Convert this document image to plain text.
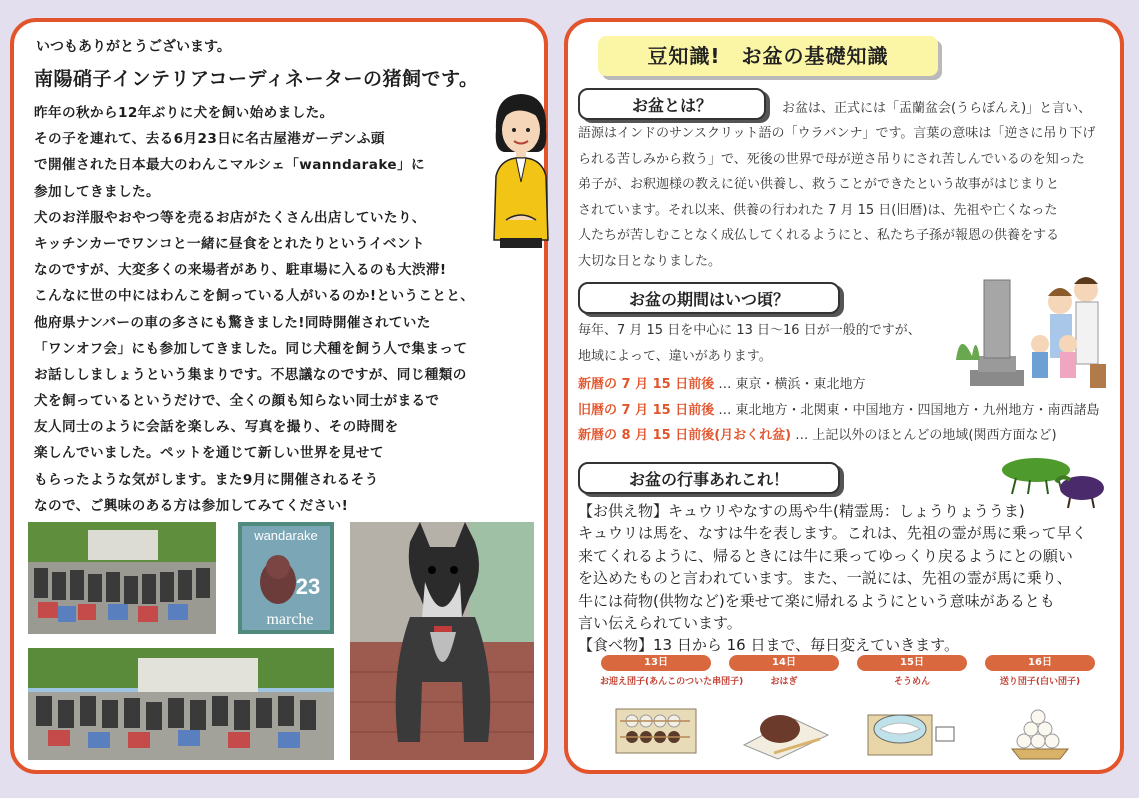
いつもありがとうございます。
南陽硝子インテリアコーディネーターの猪飼です。
昨年の秋から12年ぶりに犬を飼い始めました。
その子を連れて、去る6月23日に名古屋港ガーデンふ頭
で開催された日本最大のわんこマルシェ「wanndarake」に
参加してきました。
犬のお洋服やおやつ等を売るお店がたくさん出店していたり、
キッチンカーでワンコと一緒に昼食をとれたりというイベント
なのですが、大変多くの来場者があり、駐車場に入るのも大渋滞!
こんなに世の中にはわんこを飼っている人がいるのか!ということと、
他府県ナンバーの車の多さにも驚きました!同時開催されていた
「ワンオフ会」にも参加してきました。同じ犬種を飼う人で集まって
お話ししましょうという集まりです。不思議なのですが、同じ種類の
犬を飼っているというだけで、全くの顔も知らない同士がまるで
友人同士のように会話を楽しみ、写真を撮り、その時間を
楽しんでいました。ペットを通じて新しい世界を見せて
もらったような気がします。また9月に開催されるそう
なので、ご興味のある方は参加してみてください!
wandarake
23
marche
豆知識!　お盆の基礎知識
お盆とは？	お盆は、正式には「盂蘭盆会(うらぼんえ)」と言い、
語源はインドのサンスクリット語の「ウラバンナ」です。言葉の意味は「逆さに吊り下げ
られる苦しみから救う」で、死後の世界で母が逆さ吊りにされ苦しんでいるのを知った
弟子が、お釈迦様の教えに従い供養し、救うことができたという故事がはじまりと
されています。それ以来、供養の行われた 7 月 15 日(旧暦)は、先祖や亡くなった
人たちが苦しむことなく成仏してくれるようにと、私たち子孫が報恩の供養をする
大切な日となりました。
お盆の期間はいつ頃？
毎年、7 月 15 日を中心に 13 日～16 日が一般的ですが、
地域によって、違いがあります。
新暦の 7 月 15 日前後 … 東京・横浜・東北地方
旧暦の 7 月 15 日前後 … 東北地方・北関東・中国地方・四国地方・九州地方・南西諸島
新暦の 8 月 15 日前後(月おくれ盆) … 上記以外のほとんどの地域(関西方面など)
お盆の行事あれこれ！
【お供え物】キュウリやなすの馬や牛(精霊馬：しょうりょううま)
キュウリは馬を、なすは牛を表します。これは、先祖の霊が馬に乗って早く
来てくれるように、帰るときには牛に乗ってゆっくり戻るようにとの願い
を込めたものと言われています。また、一説には、先祖の霊が馬に乗り、
牛には荷物(供物など)を乗せて楽に帰れるようにという意味があるとも
言い伝えられています。
【食べ物】13 日から 16 日まで、毎日変えていきます。
13日
お迎え団子(あんこのついた串団子)
14日
おはぎ
15日
そうめん
16日
送り団子(白い団子)
